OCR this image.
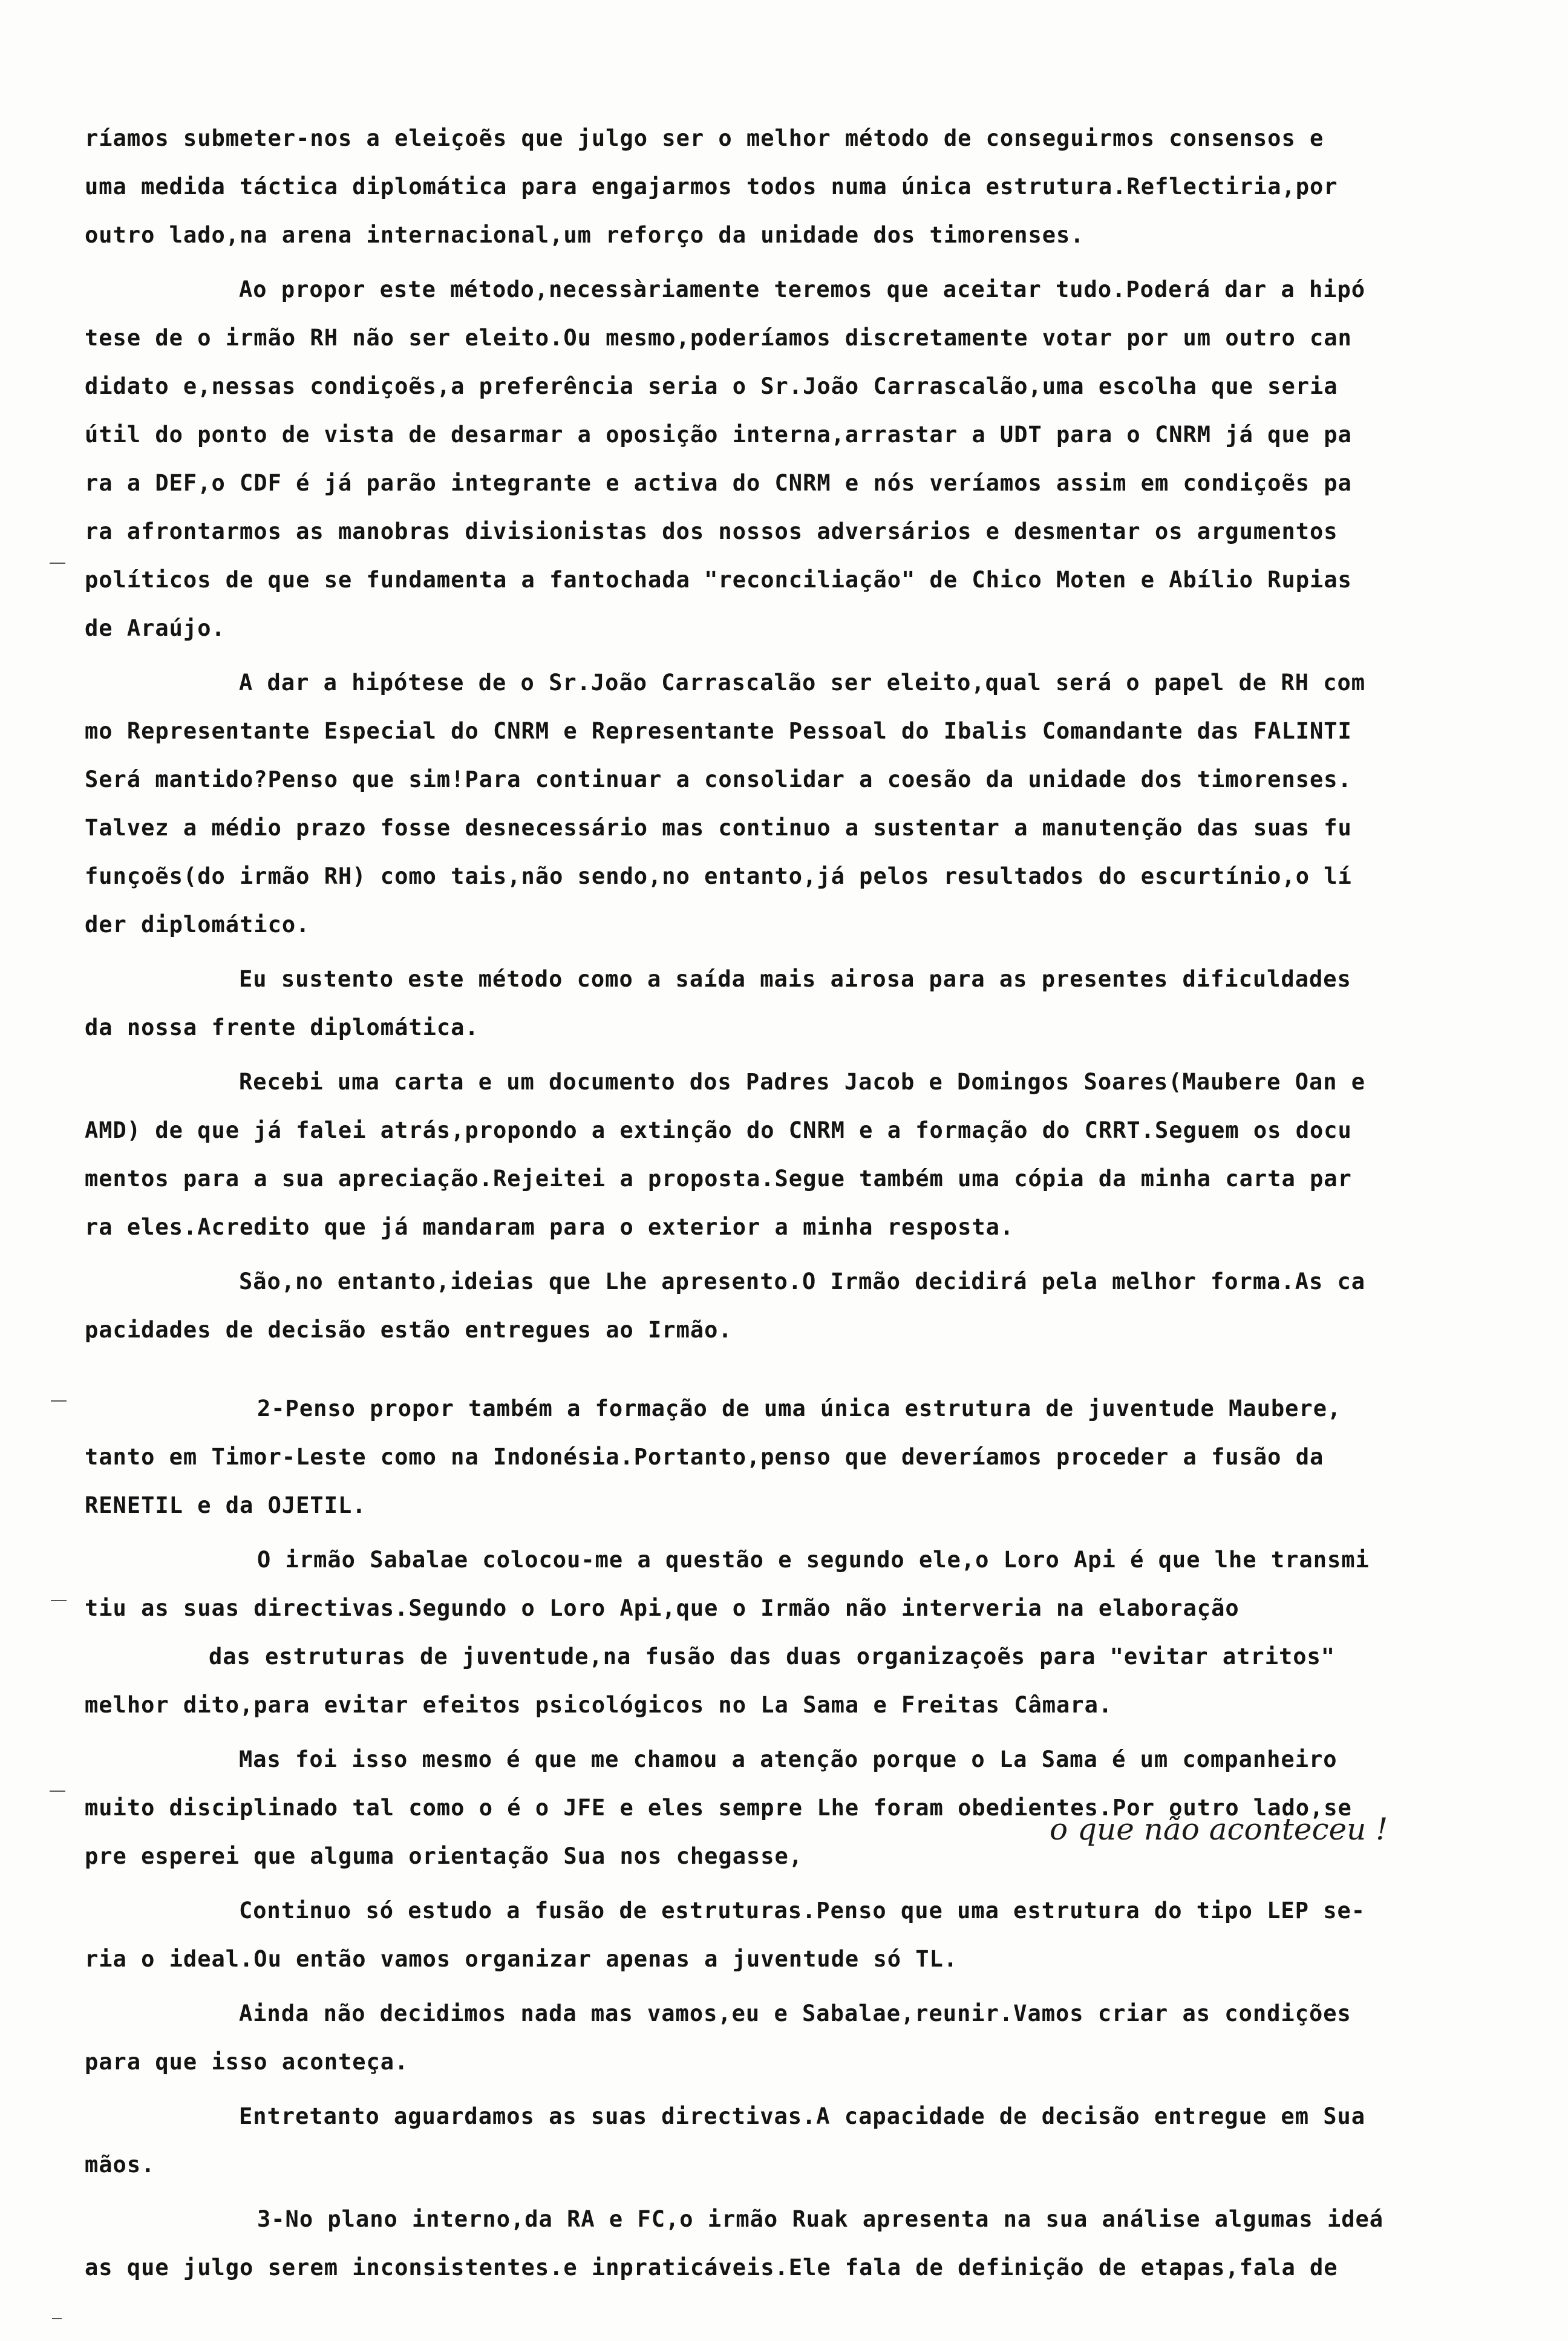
ríamos submeter-nos a eleiçoẽs que julgo ser o melhor método de conseguirmos consensos e
uma medida táctica diplomática para engajarmos todos numa única estrutura.Reflectiria,por
outro lado,na arena internacional,um reforço da unidade dos timorenses.
Ao propor este método,necessàriamente teremos que aceitar tudo.Poderá dar a hipó
tese de o irmão RH não ser eleito.Ou mesmo,poderíamos discretamente votar por um outro can
didato e,nessas condiçoẽs,a preferência seria o Sr.João Carrascalão,uma escolha que seria
útil do ponto de vista de desarmar a oposição interna,arrastar a UDT para o CNRM já que pa
ra a DEF,o CDF é já parão integrante e activa do CNRM e nós veríamos assim em condiçoẽs pa
ra afrontarmos as manobras divisionistas dos nossos adversários e desmentar os argumentos
políticos de que se fundamenta a fantochada "reconciliação" de Chico Moten e Abílio Rupias
de Araújo.
A dar a hipótese de o Sr.João Carrascalão ser eleito,qual será o papel de RH com
mo Representante Especial do CNRM e Representante Pessoal do Ibalis Comandante das FALINTI
Será mantido?Penso que sim!Para continuar a consolidar a coesão da unidade dos timorenses.
Talvez a médio prazo fosse desnecessário mas continuo a sustentar a manutenção das suas fu
funçoẽs(do irmão RH) como tais,não sendo,no entanto,já pelos resultados do escurtínio,o lí
der diplomático.
Eu sustento este método como a saída mais airosa para as presentes dificuldades
da nossa frente diplomática.
Recebi uma carta e um documento dos Padres Jacob e Domingos Soares(Maubere Oan e
AMD) de que já falei atrás,propondo a extinção do CNRM e a formação do CRRT.Seguem os docu
mentos para a sua apreciação.Rejeitei a proposta.Segue também uma cópia da minha carta par
ra eles.Acredito que já mandaram para o exterior a minha resposta.
São,no entanto,ideias que Lhe apresento.O Irmão decidirá pela melhor forma.As ca
pacidades de decisão estão entregues ao Irmão.
2-Penso propor também a formação de uma única estrutura de juventude Maubere,
tanto em Timor-Leste como na Indonésia.Portanto,penso que deveríamos proceder a fusão da
RENETIL e da OJETIL.
O irmão Sabalae colocou-me a questão e segundo ele,o Loro Api é que lhe transmi
tiu as suas directivas.Segundo o Loro Api,que o Irmão não interveria na elaboração
das estruturas de juventude,na fusão das duas organizaçoẽs para "evitar atritos"
melhor dito,para evitar efeitos psicológicos no La Sama e Freitas Câmara.
Mas foi isso mesmo é que me chamou a atenção porque o La Sama é um companheiro
muito disciplinado tal como o é o JFE e eles sempre Lhe foram obedientes.Por outro lado,se
pre esperei que alguma orientação Sua nos chegasse,
o que não aconteceu !
Continuo só estudo a fusão de estruturas.Penso que uma estrutura do tipo LEP se-
ria o ideal.Ou então vamos organizar apenas a juventude só TL.
Ainda não decidimos nada mas vamos,eu e Sabalae,reunir.Vamos criar as condições
para que isso aconteça.
Entretanto aguardamos as suas directivas.A capacidade de decisão entregue em Sua
mãos.
3-No plano interno,da RA e FC,o irmão Ruak apresenta na sua análise algumas ideá
as que julgo serem inconsistentes.e inpraticáveis.Ele fala de definição de etapas,fala de
